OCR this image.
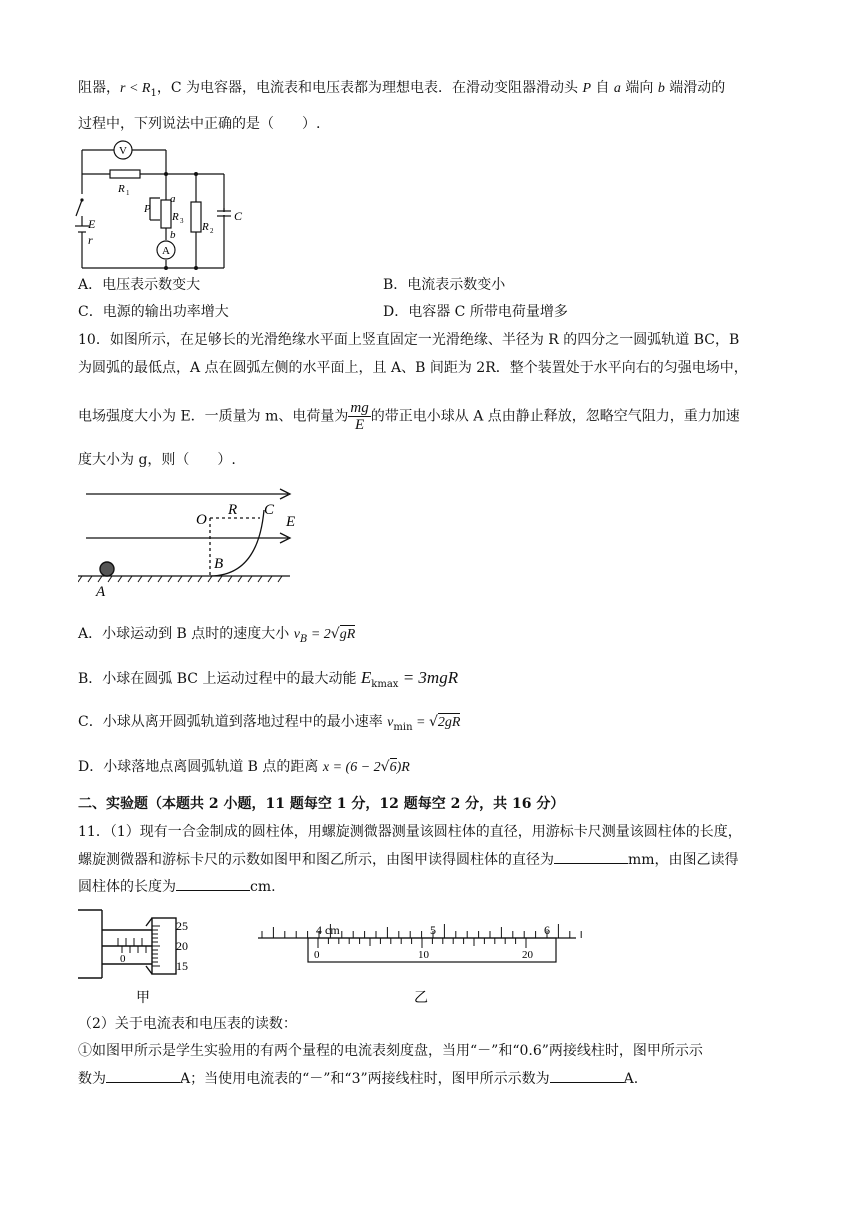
阻器，$r < R_1$，C 为电容器，电流表和电压表都为理想电表．在滑动变阻器滑动头 P 自 a 端向 b 端滑动的
过程中，下列说法中正确的是（　　）.
V
A
R 1
R 3 R 2
C
E
r
P
a
b
A．电压表示数变大	B．电流表示数变小
C．电源的输出功率增大	D．电容器 C 所带电荷量增多
10．如图所示，在足够长的光滑绝缘水平面上竖直固定一光滑绝缘、半径为 R 的四分之一圆弧轨道 BC，B
为圆弧的最低点，A 点在圆弧左侧的水平面上，且 A、B 间距为 2R．整个装置处于水平向右的匀强电场中，
电场强度大小为 E．一质量为 m、电荷量为 $\frac{mg}{E}$ 的带正电小球从 A 点由静止释放，忽略空气阻力，重力加速
度大小为 g，则（　　）.
O
R C
E
B
A
A．小球运动到 B 点时的速度大小 $v_B = 2√gR$
B．小球在圆弧 BC 上运动过程中的最大动能 $E_{kmax} = 3mgR$
C．小球从离开圆弧轨道到落地过程中的最小速率 $v_{min} = √2gR$
D．小球落地点离圆弧轨道 B 点的距离 x = (6 − 2√6)R
二、实验题（本题共 2 小题，11 题每空 1 分，12 题每空 2 分，共 16 分）
11．（1）现有一合金制成的圆柱体，用螺旋测微器测量该圆柱体的直径，用游标卡尺测量该圆柱体的长度，
螺旋测微器和游标卡尺的示数如图甲和图乙所示，由图甲读得圆柱体的直径为	mm，由图乙读得
圆柱体的长度为	cm.
25
20
15
0
甲
4 cm	5	6
0	10	20
乙
（2）关于电流表和电压表的读数：
①如图甲所示是学生实验用的有两个量程的电流表刻度盘，当用“－”和“0.6”两接线柱时，图甲所示示
数为	A；当使用电流表的“－”和“3”两接线柱时，图甲所示示数为	A.
